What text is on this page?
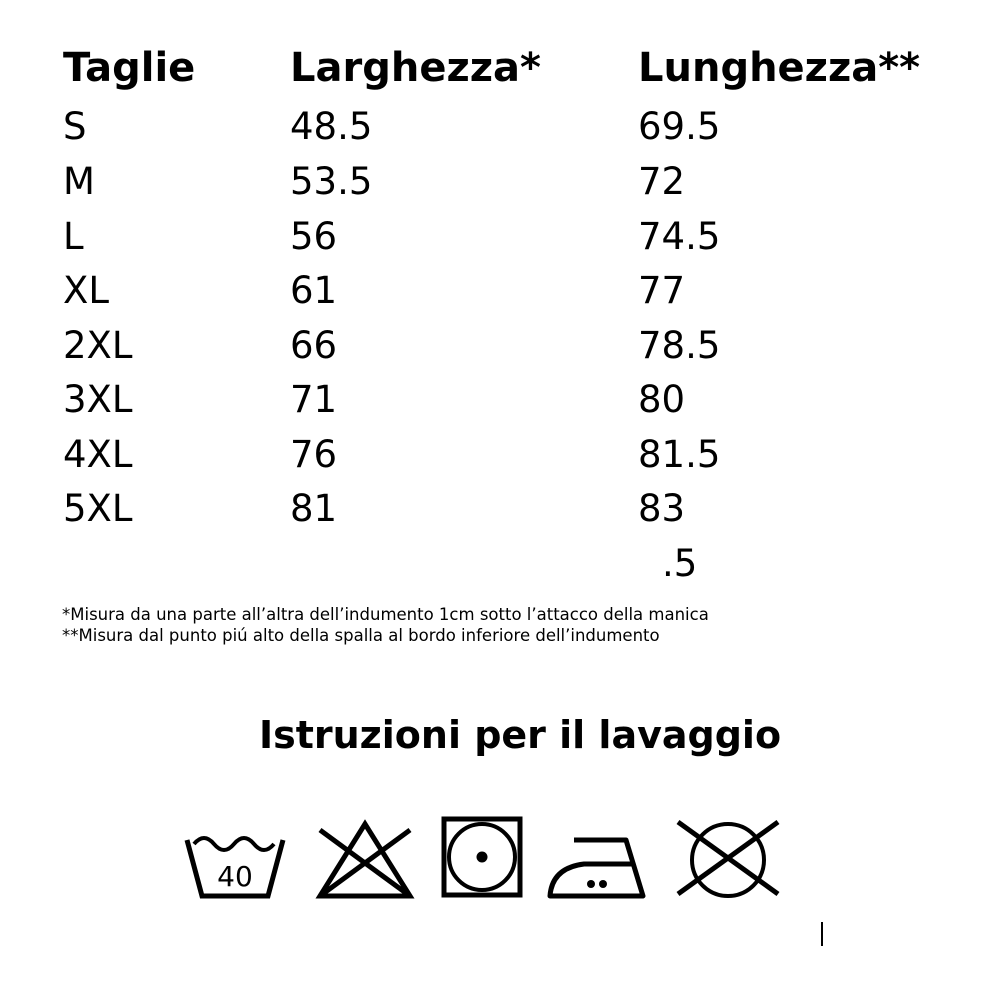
Taglie Larghezza* Lunghezza**
S	48.5	69.5
M	53.5	72
L	56	74.5
XL	61	77
2XL	66	78.5
3XL	71	80
4XL	76	81.5
5XL	81	83
.5
*Misura da una parte all’altra dell’indumento 1cm sotto l’attacco della manica
**Misura dal punto piú alto della spalla al bordo inferiore dell’indumento
Istruzioni per il lavaggio
40
